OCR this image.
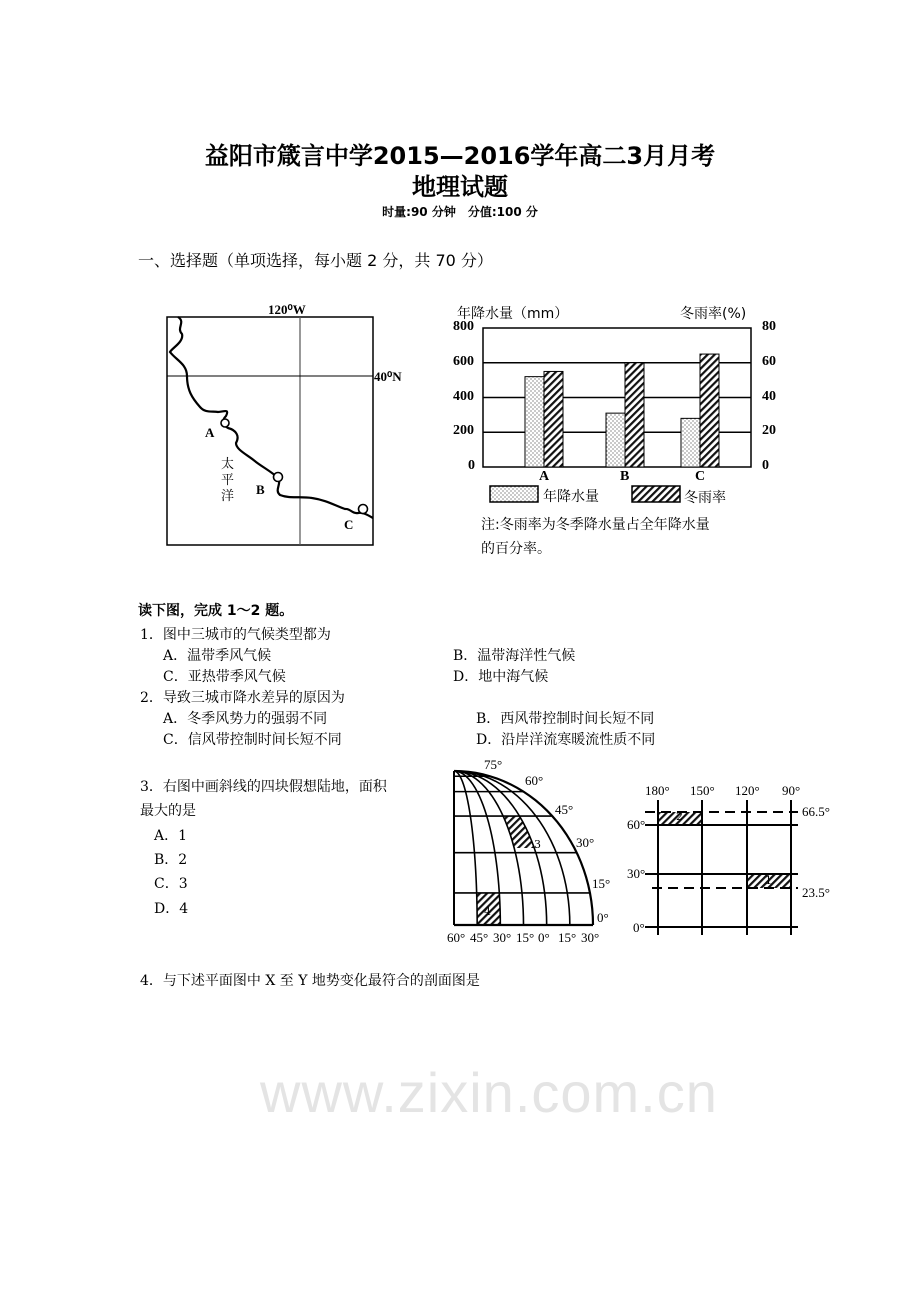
益阳市箴言中学2015—2016学年高二3月月考
地理试题
时量:90 分钟　分值:100 分
一、选择题（单项选择，每小题 2 分，共 70 分）
120⁰W
40⁰N
A
B
C
太
平
洋
年降水量（mm）	冬雨率(%)
0
200
400
600
800
0
20
40
60
80
A	B	C
年降水量	冬雨率
注:冬雨率为冬季降水量占全年降水量
的百分率。
www.zixin.com.cn
读下图，完成 1～2 题。
1．图中三城市的气候类型都为
A．温带季风气候	B．温带海洋性气候
C．亚热带季风气候	D．地中海气候
2．导致三城市降水差异的原因为
A．冬季风势力的强弱不同	B．西风带控制时间长短不同
C．信风带控制时间长短不同	D．沿岸洋流寒暖流性质不同
3．右图中画斜线的四块假想陆地，面积
最大的是
A．1
B．2
C．3
D．4
4．与下述平面图中 X 至 Y 地势变化最符合的剖面图是
75°
60°
45°
30°
15°
0°
60° 45° 30° 15° 0° 15° 30°
180° 150° 120° 90°
60°
30°
0°
66.5°
23.5°
2
1
3
4
